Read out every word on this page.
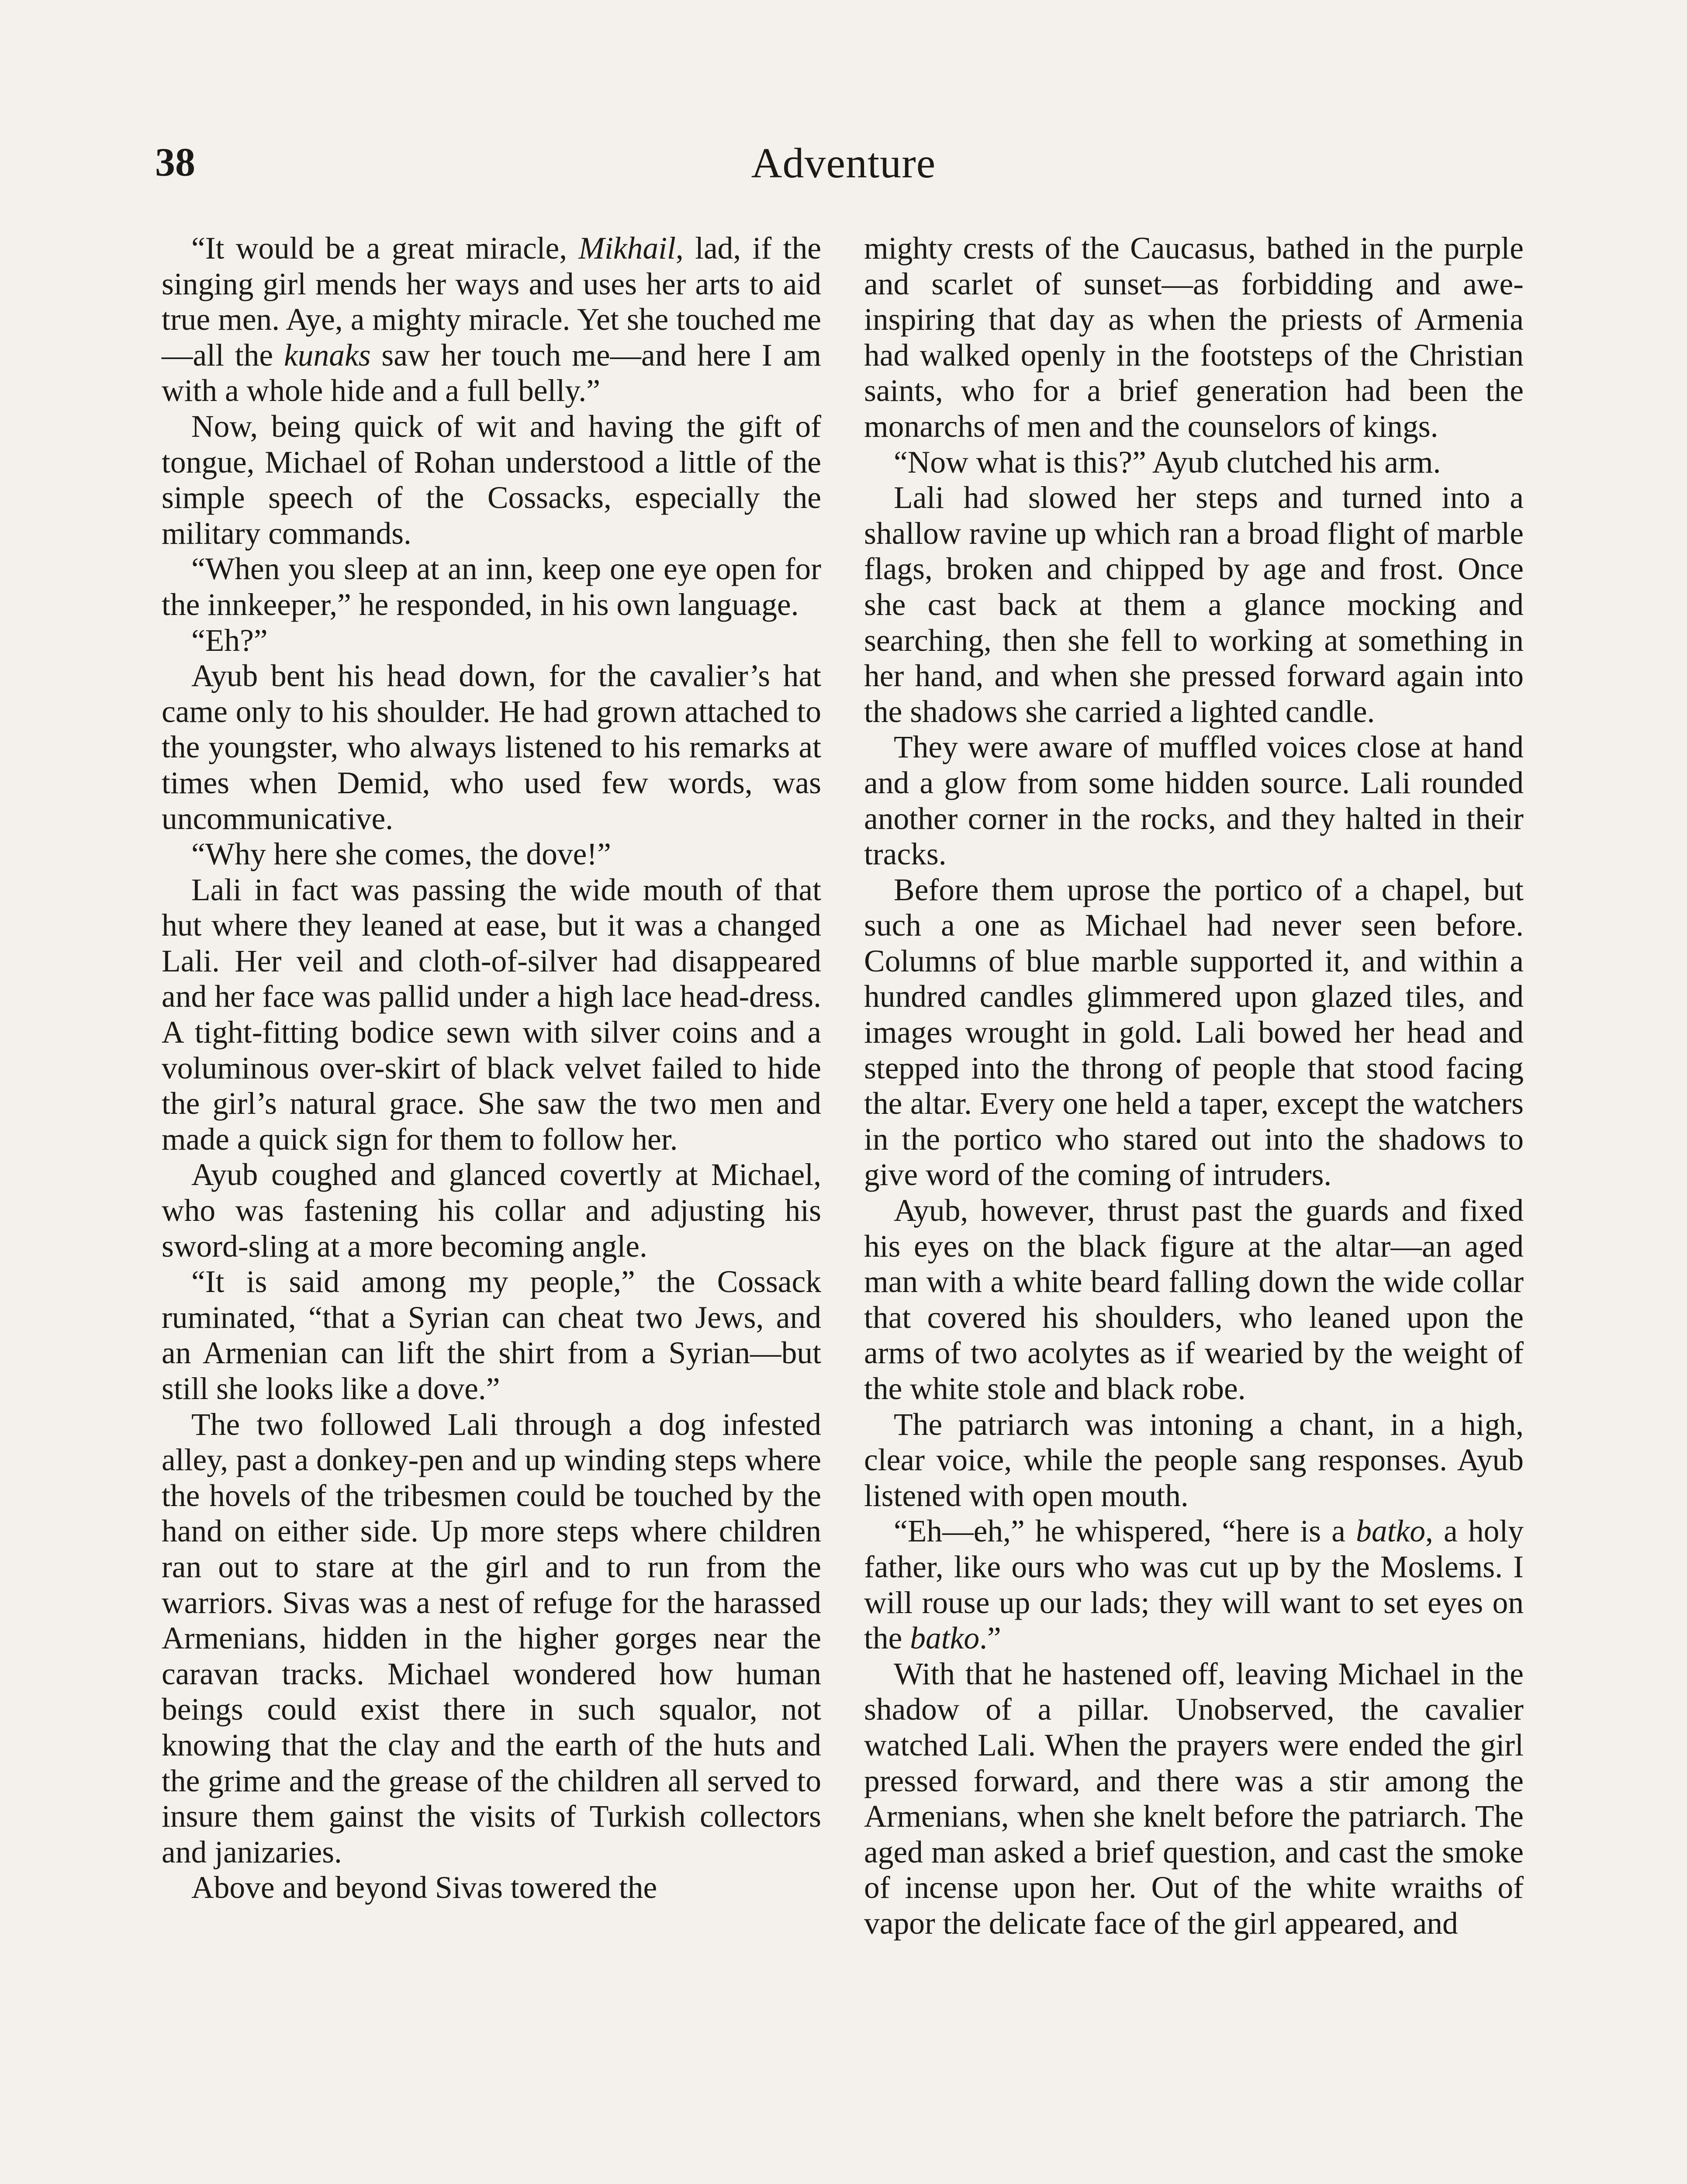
38	Adventure

“It would be a great miracle, Mikhail, lad, if the singing girl mends her ways and uses her arts to aid true men. Aye, a mighty miracle. Yet she touched me—all the kunaks saw her touch me—and here I am with a whole hide and a full belly.”

Now, being quick of wit and having the gift of tongue, Michael of Rohan understood a little of the simple speech of the Cossacks, especially the military commands.

“When you sleep at an inn, keep one eye open for the innkeeper,” he responded, in his own language.

“Eh?”

Ayub bent his head down, for the cavalier’s hat came only to his shoulder. He had grown attached to the youngster, who always listened to his remarks at times when Demid, who used few words, was uncommunicative.

“Why here she comes, the dove!”

Lali in fact was passing the wide mouth of that hut where they leaned at ease, but it was a changed Lali. Her veil and cloth-of-silver had disappeared and her face was pallid under a high lace head-dress. A tight-fitting bodice sewn with silver coins and a voluminous over-skirt of black velvet failed to hide the girl’s natural grace. She saw the two men and made a quick sign for them to follow her.

Ayub coughed and glanced covertly at Michael, who was fastening his collar and adjusting his sword-sling at a more becoming angle.

“It is said among my people,” the Cossack ruminated, “that a Syrian can cheat two Jews, and an Armenian can lift the shirt from a Syrian—but still she looks like a dove.”

The two followed Lali through a dog infested alley, past a donkey-pen and up winding steps where the hovels of the tribesmen could be touched by the hand on either side. Up more steps where children ran out to stare at the girl and to run from the warriors. Sivas was a nest of refuge for the harassed Armenians, hidden in the higher gorges near the caravan tracks. Michael wondered how human beings could exist there in such squalor, not knowing that the clay and the earth of the huts and the grime and the grease of the children all served to insure them gainst the visits of Turkish collectors and janizaries.

Above and beyond Sivas towered the

mighty crests of the Caucasus, bathed in the purple and scarlet of sunset—as forbidding and awe-inspiring that day as when the priests of Armenia had walked openly in the footsteps of the Christian saints, who for a brief generation had been the monarchs of men and the counselors of kings.

“Now what is this?” Ayub clutched his arm.

Lali had slowed her steps and turned into a shallow ravine up which ran a broad flight of marble flags, broken and chipped by age and frost. Once she cast back at them a glance mocking and searching, then she fell to working at something in her hand, and when she pressed forward again into the shadows she carried a lighted candle.

They were aware of muffled voices close at hand and a glow from some hidden source. Lali rounded another corner in the rocks, and they halted in their tracks.

Before them uprose the portico of a chapel, but such a one as Michael had never seen before. Columns of blue marble supported it, and within a hundred candles glimmered upon glazed tiles, and images wrought in gold. Lali bowed her head and stepped into the throng of people that stood facing the altar. Every one held a taper, except the watchers in the portico who stared out into the shadows to give word of the coming of intruders.

Ayub, however, thrust past the guards and fixed his eyes on the black figure at the altar—an aged man with a white beard falling down the wide collar that covered his shoulders, who leaned upon the arms of two acolytes as if wearied by the weight of the white stole and black robe.

The patriarch was intoning a chant, in a high, clear voice, while the people sang responses. Ayub listened with open mouth.

“Eh—eh,” he whispered, “here is a batko, a holy father, like ours who was cut up by the Moslems. I will rouse up our lads; they will want to set eyes on the batko.”

With that he hastened off, leaving Michael in the shadow of a pillar. Unobserved, the cavalier watched Lali. When the prayers were ended the girl pressed forward, and there was a stir among the Armenians, when she knelt before the patriarch. The aged man asked a brief question, and cast the smoke of incense upon her. Out of the white wraiths of vapor the delicate face of the girl appeared, and
